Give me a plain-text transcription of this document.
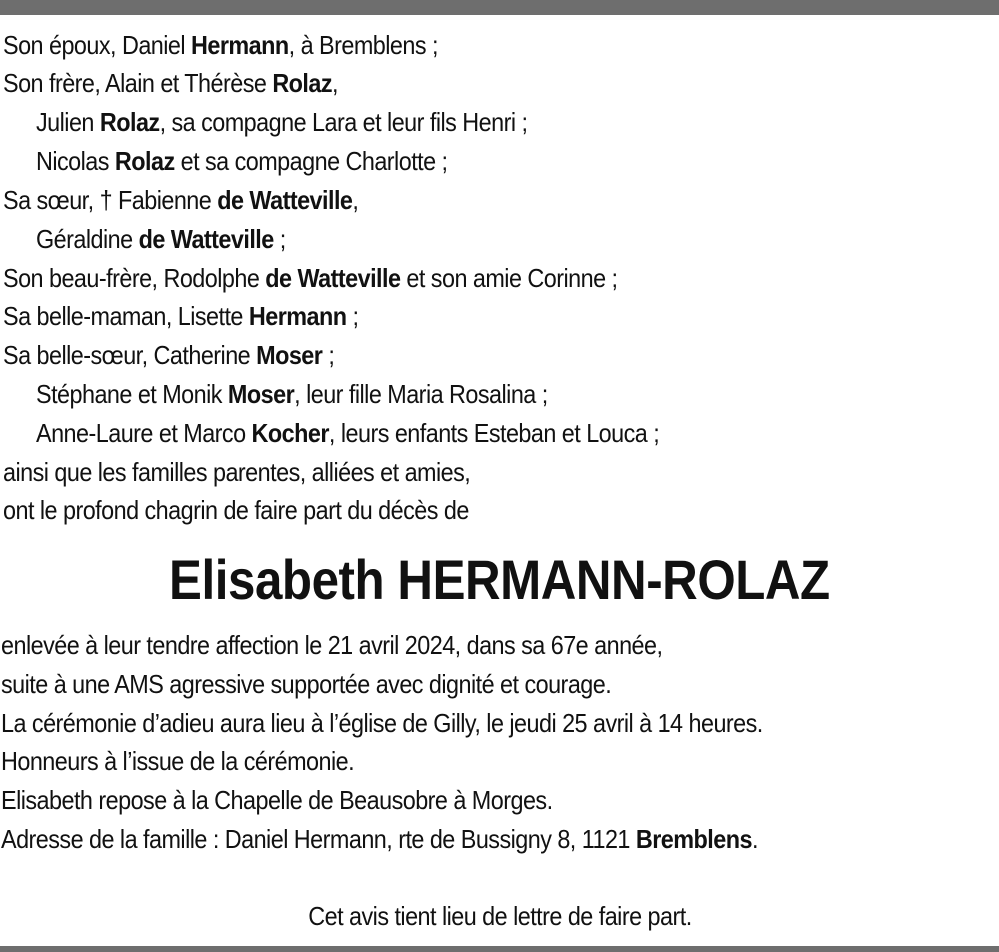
Son époux, Daniel Hermann, à Bremblens ;
Son frère, Alain et Thérèse Rolaz,
Julien Rolaz, sa compagne Lara et leur fils Henri ;
Nicolas Rolaz et sa compagne Charlotte ;
Sa sœur, † Fabienne de Watteville,
Géraldine de Watteville ;
Son beau-frère, Rodolphe de Watteville et son amie Corinne ;
Sa belle-maman, Lisette Hermann ;
Sa belle-sœur, Catherine Moser ;
Stéphane et Monik Moser, leur fille Maria Rosalina ;
Anne-Laure et Marco Kocher, leurs enfants Esteban et Louca ;
ainsi que les familles parentes, alliées et amies,
ont le profond chagrin de faire part du décès de
Elisabeth HERMANN-ROLAZ
enlevée à leur tendre affection le 21 avril 2024, dans sa 67e année,
suite à une AMS agressive supportée avec dignité et courage.
La cérémonie d’adieu aura lieu à l’église de Gilly, le jeudi 25 avril à 14 heures.
Honneurs à l’issue de la cérémonie.
Elisabeth repose à la Chapelle de Beausobre à Morges.
Adresse de la famille : Daniel Hermann, rte de Bussigny 8, 1121 Bremblens.
Cet avis tient lieu de lettre de faire part.
